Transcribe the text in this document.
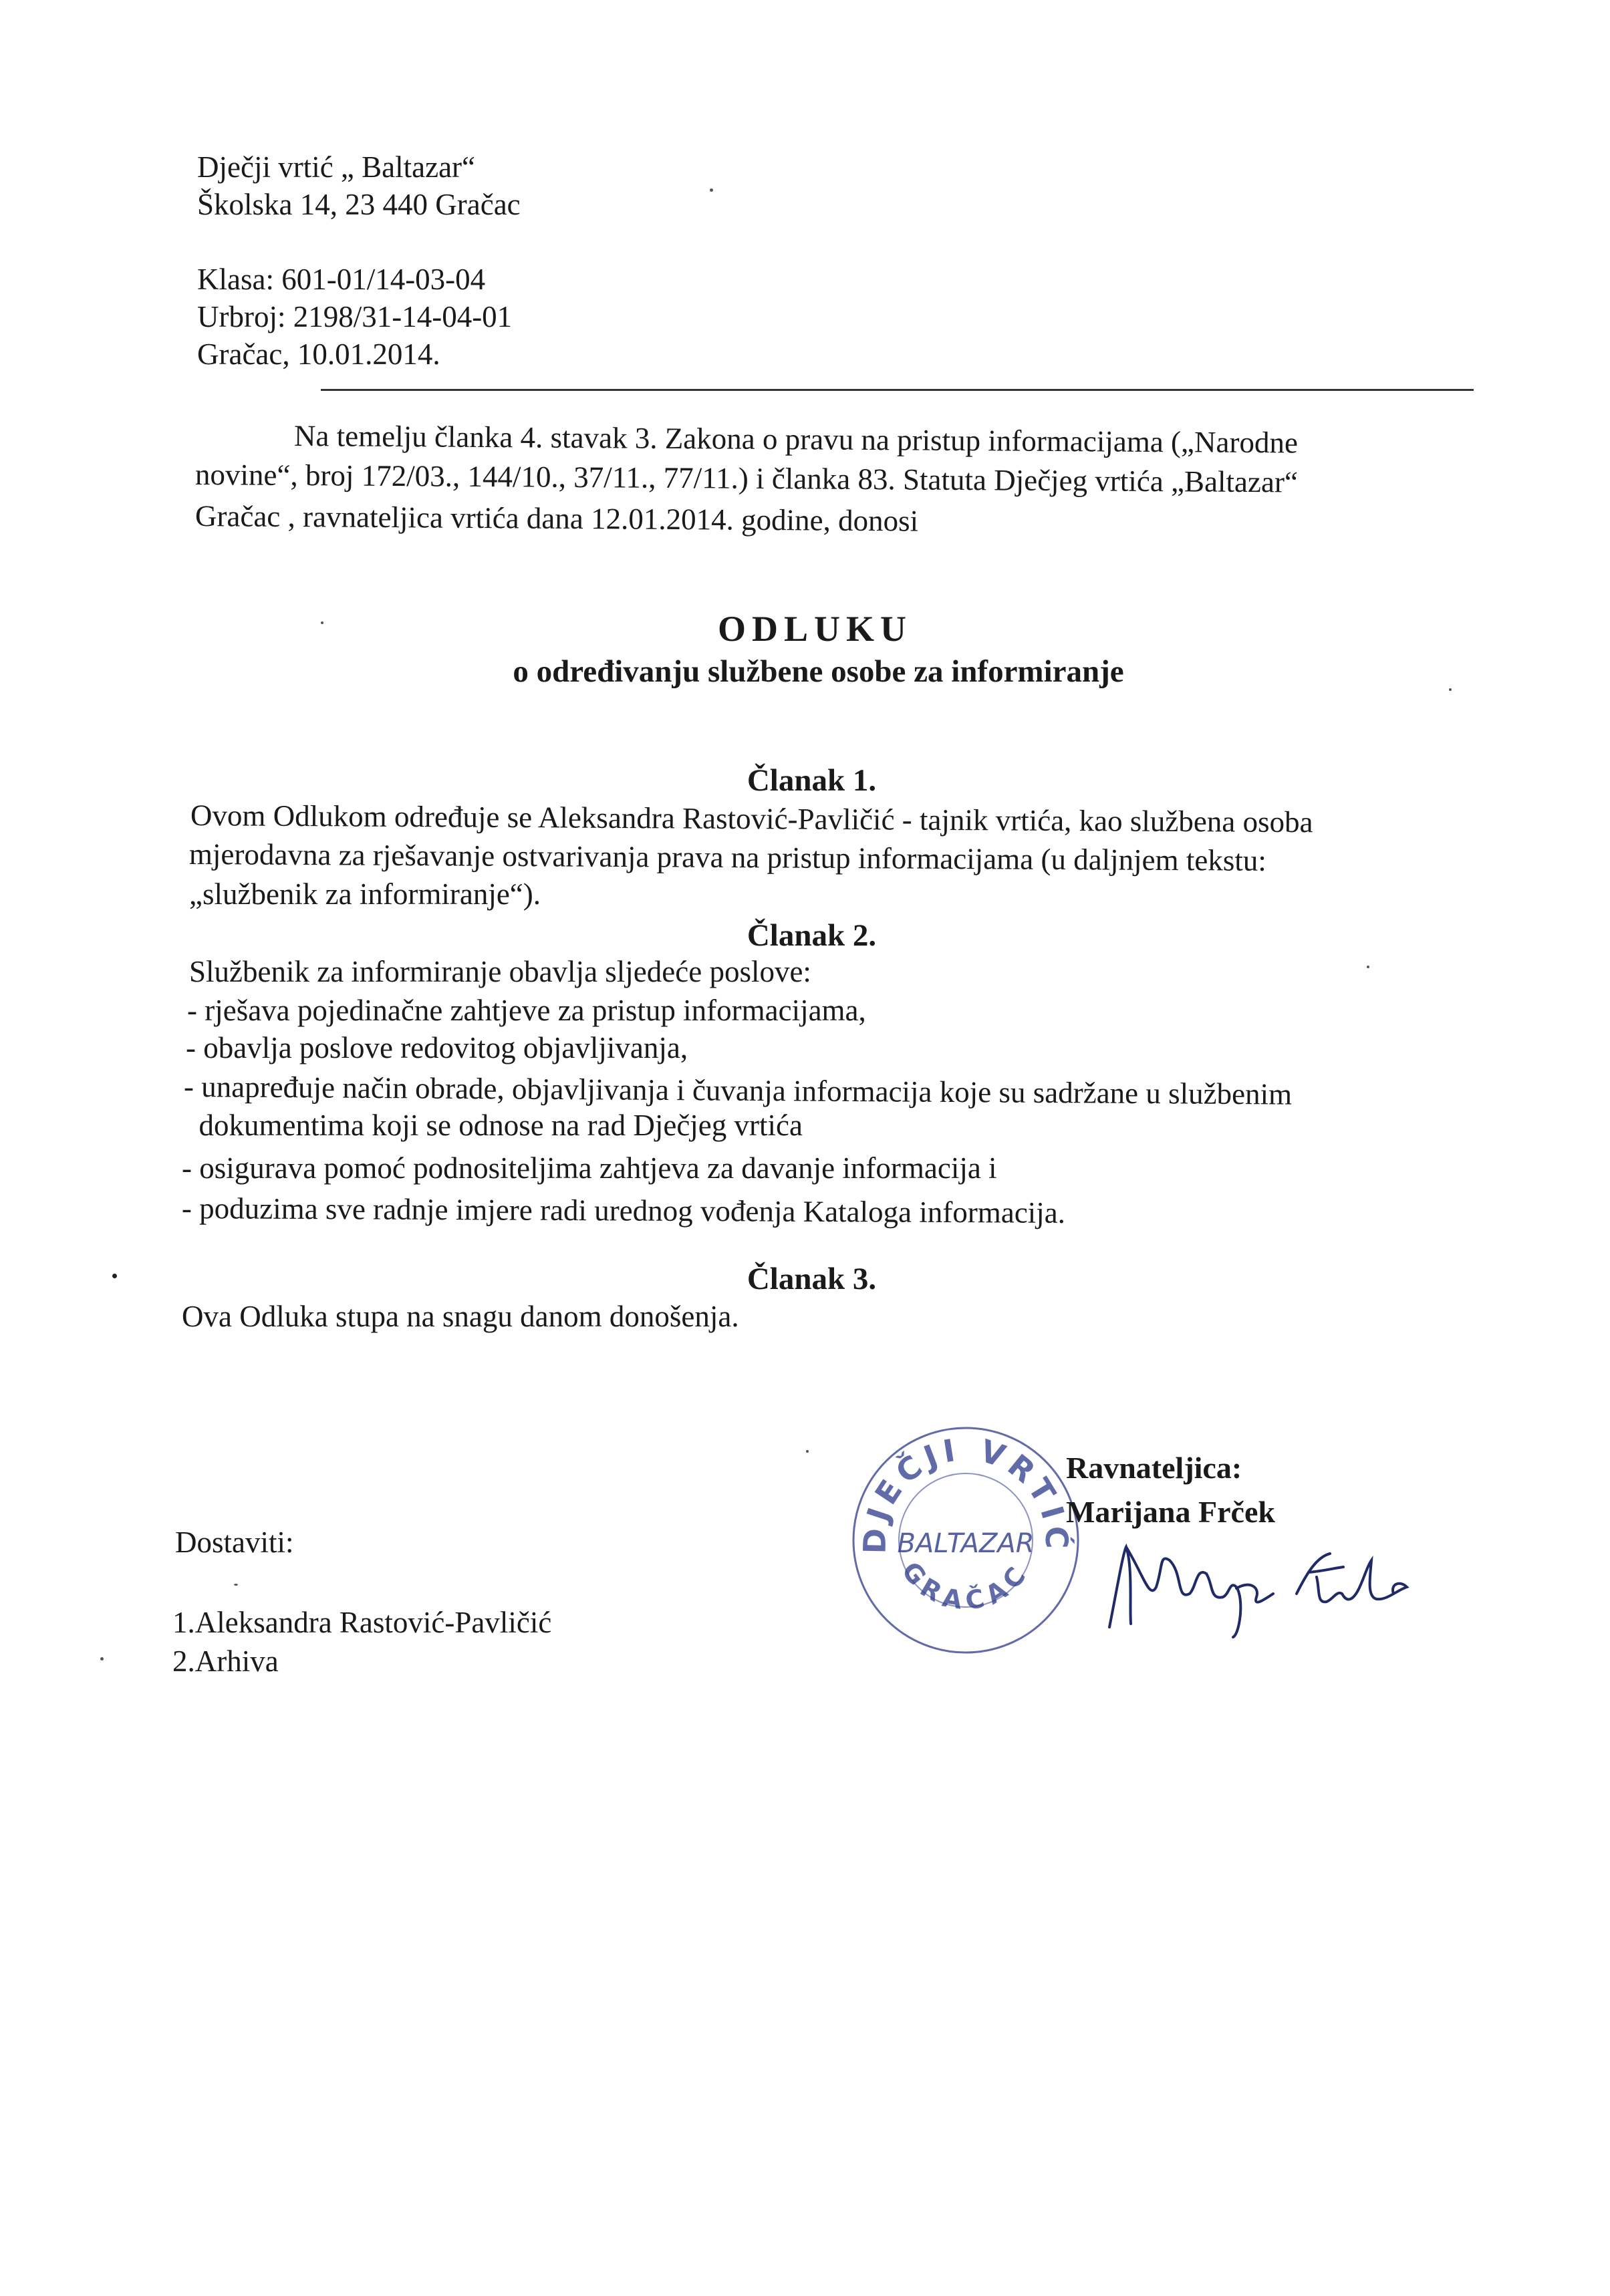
Dječji vrtić „ Baltazar“
Školska 14, 23 440 Gračac
Klasa: 601-01/14-03-04
Urbroj: 2198/31-14-04-01
Gračac, 10.01.2014.
Na temelju članka 4. stavak 3. Zakona o pravu na pristup informacijama („Narodne
novine“, broj 172/03., 144/10., 37/11., 77/11.) i članka 83. Statuta Dječjeg vrtića „Baltazar“
Gračac , ravnateljica vrtića dana 12.01.2014. godine, donosi
ODLUKU
o određivanju službene osobe za informiranje
Članak 1.
Ovom Odlukom određuje se Aleksandra Rastović-Pavličić - tajnik vrtića, kao službena osoba
mjerodavna za rješavanje ostvarivanja prava na pristup informacijama (u daljnjem tekstu:
„službenik za informiranje“).
Članak 2.
Službenik za informiranje obavlja sljedeće poslove:
- rješava pojedinačne zahtjeve za pristup informacijama,
- obavlja poslove redovitog objavljivanja,
- unapređuje način obrade, objavljivanja i čuvanja informacija koje su sadržane u službenim
dokumentima koji se odnose na rad Dječjeg vrtića
- osigurava pomoć podnositeljima zahtjeva za davanje informacija i
- poduzima sve radnje imjere radi urednog vođenja Kataloga informacija.
Članak 3.
Ova Odluka stupa na snagu danom donošenja.
DJEČJI VRTIĆ
BALTAZAR
GRAČAC
Ravnateljica:
Marijana Frček
Dostaviti:
1.Aleksandra Rastović-Pavličić
2.Arhiva
